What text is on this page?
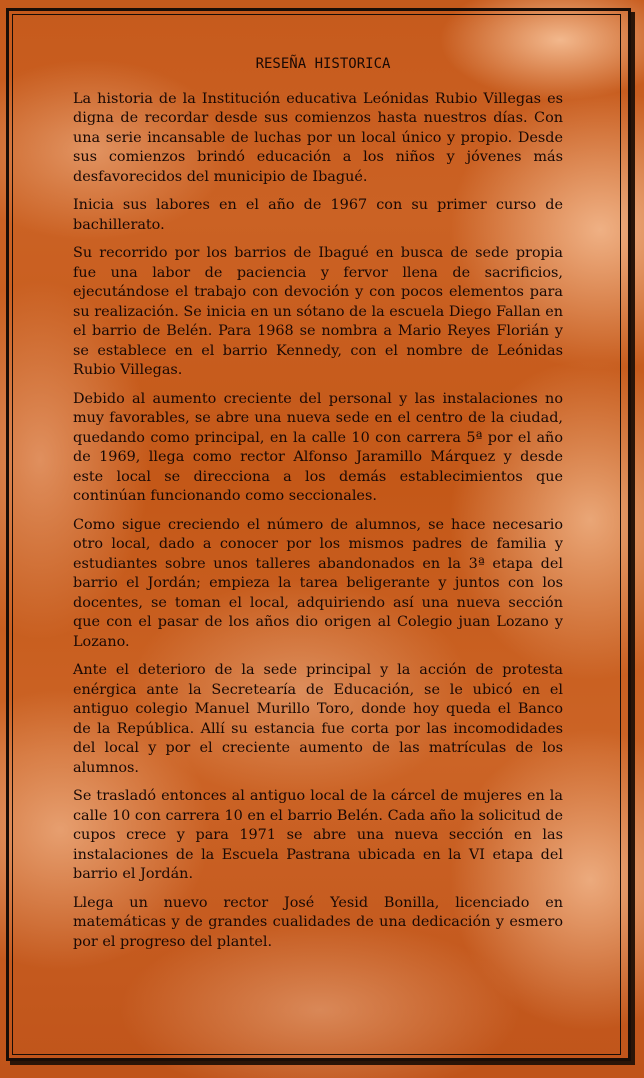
RESEÑA HISTORICA

La historia de la Institución educativa Leónidas Rubio Villegas es digna de recordar desde sus comienzos hasta nuestros días. Con una serie incansable de luchas por un local único y propio. Desde sus comienzos brindó educación a los niños y jóvenes más desfavorecidos del municipio de Ibagué.

Inicia sus labores en el año de 1967 con su primer curso de bachillerato.

Su recorrido por los barrios de Ibagué en busca de sede propia fue una labor de paciencia y fervor llena de sacrificios, ejecutándose el trabajo con devoción y con pocos elementos para su realización. Se inicia en un sótano de la escuela Diego Fallan en el barrio de Belén. Para 1968 se nombra a Mario Reyes Florián y se establece en el barrio Kennedy, con el nombre de Leónidas Rubio Villegas.

Debido al aumento creciente del personal y las instalaciones no muy favorables, se abre una nueva sede en el centro de la ciudad, quedando como principal, en la calle 10 con carrera 5ª por el año de 1969, llega como rector Alfonso Jaramillo Márquez y desde este local se direcciona a los demás establecimientos que continúan funcionando como seccionales.

Como sigue creciendo el número de alumnos, se hace necesario otro local, dado a conocer por los mismos padres de familia y estudiantes sobre unos talleres abandonados en la 3ª etapa del barrio el Jordán; empieza la tarea beligerante y juntos con los docentes, se toman el local, adquiriendo así una nueva sección que con el pasar de los años dio origen al Colegio juan Lozano y Lozano.

Ante el deterioro de la sede principal y la acción de protesta enérgica ante la Secretearía de Educación, se le ubicó en el antiguo colegio Manuel Murillo Toro, donde hoy queda el Banco de la República. Allí su estancia fue corta por las incomodidades del local y por el creciente aumento de las matrículas de los alumnos.

Se trasladó entonces al antiguo local de la cárcel de mujeres en la calle 10 con carrera 10 en el barrio Belén. Cada año la solicitud de cupos crece y para 1971 se abre una nueva sección en las instalaciones de la Escuela Pastrana ubicada en la VI etapa del barrio el Jordán.

Llega un nuevo rector José Yesid Bonilla, licenciado en matemáticas y de grandes cualidades de una dedicación y esmero por el progreso del plantel.
